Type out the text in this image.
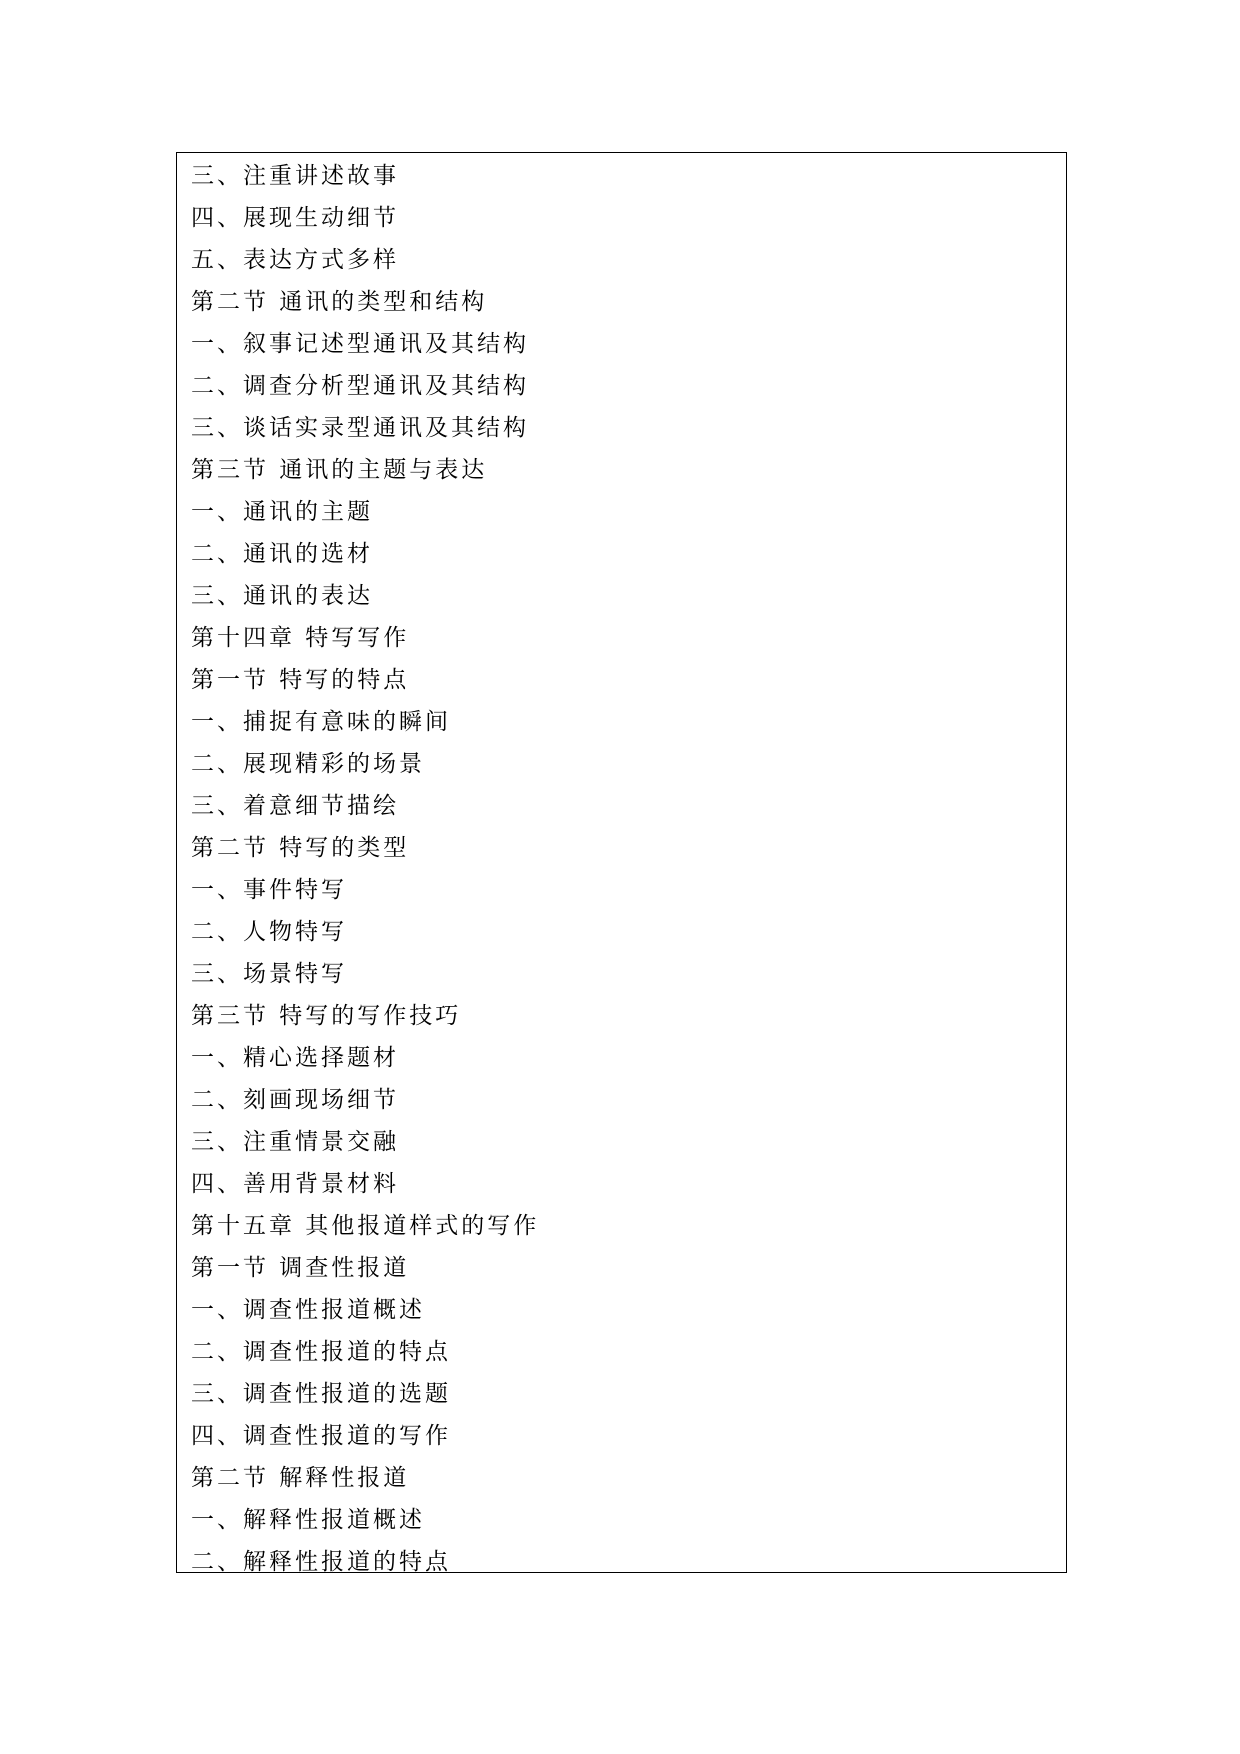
三、注重讲述故事
四、展现生动细节
五、表达方式多样
第二节 通讯的类型和结构
一、叙事记述型通讯及其结构
二、调查分析型通讯及其结构
三、谈话实录型通讯及其结构
第三节 通讯的主题与表达
一、通讯的主题
二、通讯的选材
三、通讯的表达
第十四章 特写写作
第一节 特写的特点
一、捕捉有意味的瞬间
二、展现精彩的场景
三、着意细节描绘
第二节 特写的类型
一、事件特写
二、人物特写
三、场景特写
第三节 特写的写作技巧
一、精心选择题材
二、刻画现场细节
三、注重情景交融
四、善用背景材料
第十五章 其他报道样式的写作
第一节 调查性报道
一、调查性报道概述
二、调查性报道的特点
三、调查性报道的选题
四、调查性报道的写作
第二节 解释性报道
一、解释性报道概述
二、解释性报道的特点
